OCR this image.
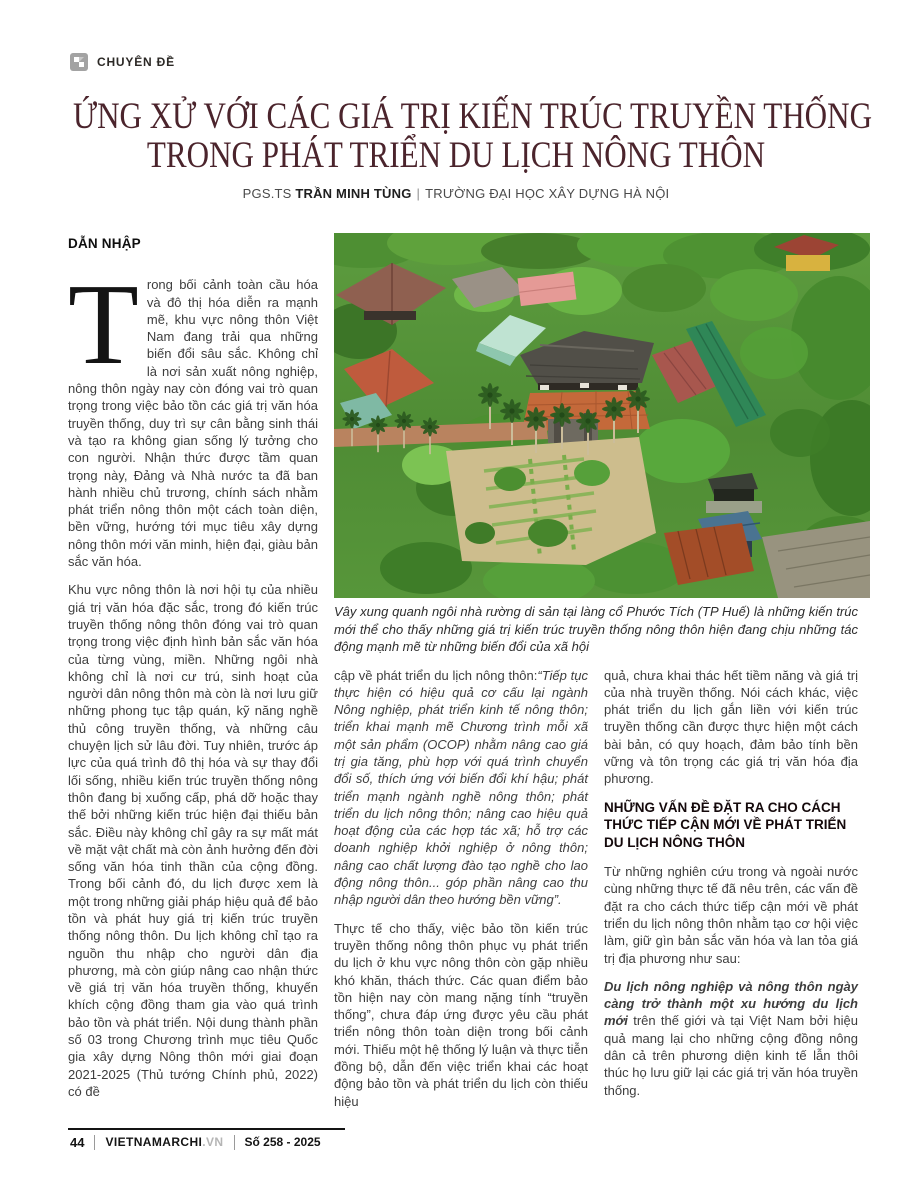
CHUYÊN ĐỀ
ỨNG XỬ VỚI CÁC GIÁ TRỊ KIẾN TRÚC TRUYỀN THỐNG
TRONG PHÁT TRIỂN DU LỊCH NÔNG THÔN
PGS.TS TRẦN MINH TÙNG | TRƯỜNG ĐẠI HỌC XÂY DỰNG HÀ NỘI
DẪN NHẬP

Trong bối cảnh toàn cầu hóa và đô thị hóa diễn ra mạnh mẽ, khu vực nông thôn Việt Nam đang trải qua những biến đổi sâu sắc. Không chỉ là nơi sản xuất nông nghiệp, nông thôn ngày nay còn đóng vai trò quan trọng trong việc bảo tồn các giá trị văn hóa truyền thống, duy trì sự cân bằng sinh thái và tạo ra không gian sống lý tưởng cho con người. Nhận thức được tầm quan trọng này, Đảng và Nhà nước ta đã ban hành nhiều chủ trương, chính sách nhằm phát triển nông thôn một cách toàn diện, bền vững, hướng tới mục tiêu xây dựng nông thôn mới văn minh, hiện đại, giàu bản sắc văn hóa.

Khu vực nông thôn là nơi hội tụ của nhiều giá trị văn hóa đặc sắc, trong đó kiến trúc truyền thống nông thôn đóng vai trò quan trọng trong việc định hình bản sắc văn hóa của từng vùng, miền. Những ngôi nhà không chỉ là nơi cư trú, sinh hoạt của người dân nông thôn mà còn là nơi lưu giữ những phong tục tập quán, kỹ năng nghề thủ công truyền thống, và những câu chuyện lịch sử lâu đời. Tuy nhiên, trước áp lực của quá trình đô thị hóa và sự thay đổi lối sống, nhiều kiến trúc truyền thống nông thôn đang bị xuống cấp, phá dỡ hoặc thay thế bởi những kiến trúc hiện đại thiếu bản sắc. Điều này không chỉ gây ra sự mất mát về mặt vật chất mà còn ảnh hưởng đến đời sống văn hóa tinh thần của cộng đồng. Trong bối cảnh đó, du lịch được xem là một trong những giải pháp hiệu quả để bảo tồn và phát huy giá trị kiến trúc truyền thống nông thôn. Du lịch không chỉ tạo ra nguồn thu nhập cho người dân địa phương, mà còn giúp nâng cao nhận thức về giá trị văn hóa truyền thống, khuyến khích cộng đồng tham gia vào quá trình bảo tồn và phát triển. Nội dung thành phần số 03 trong Chương trình mục tiêu Quốc gia xây dựng Nông thôn mới giai đoạn 2021-2025 (Thủ tướng Chính phủ, 2022) có đề

Vây xung quanh ngôi nhà rường di sản tại làng cổ Phước Tích (TP Huế) là những kiến trúc mới thể cho thấy những giá trị kiến trúc truyền thống nông thôn hiện đang chịu những tác động mạnh mẽ từ những biến đổi của xã hội

cập về phát triển du lịch nông thôn:“Tiếp tục thực hiện có hiệu quả cơ cấu lại ngành Nông nghiệp, phát triển kinh tế nông thôn; triển khai mạnh mẽ Chương trình mỗi xã một sản phẩm (OCOP) nhằm nâng cao giá trị gia tăng, phù hợp với quá trình chuyển đổi số, thích ứng với biến đổi khí hậu; phát triển mạnh ngành nghề nông thôn; phát triển du lịch nông thôn; nâng cao hiệu quả hoạt động của các hợp tác xã; hỗ trợ các doanh nghiệp khởi nghiệp ở nông thôn; nâng cao chất lượng đào tạo nghề cho lao động nông thôn... góp phần nâng cao thu nhập người dân theo hướng bền vững”.

Thực tế cho thấy, việc bảo tồn kiến trúc truyền thống nông thôn phục vụ phát triển du lịch ở khu vực nông thôn còn gặp nhiều khó khăn, thách thức. Các quan điểm bảo tồn hiện nay còn mang nặng tính “truyền thống”, chưa đáp ứng được yêu cầu phát triển nông thôn toàn diện trong bối cảnh mới. Thiếu một hệ thống lý luận và thực tiễn đồng bộ, dẫn đến việc triển khai các hoạt động bảo tồn và phát triển du lịch còn thiếu hiệu

quả, chưa khai thác hết tiềm năng và giá trị của nhà truyền thống. Nói cách khác, việc phát triển du lịch gắn liền với kiến trúc truyền thống cần được thực hiện một cách bài bản, có quy hoạch, đảm bảo tính bền vững và tôn trọng các giá trị văn hóa địa phương.

NHỮNG VẤN ĐỀ ĐẶT RA CHO CÁCH THỨC TIẾP CẬN MỚI VỀ PHÁT TRIỂN DU LỊCH NÔNG THÔN

Từ những nghiên cứu trong và ngoài nước cùng những thực tế đã nêu trên, các vấn đề đặt ra cho cách thức tiếp cận mới về phát triển du lịch nông thôn nhằm tạo cơ hội việc làm, giữ gìn bản sắc văn hóa và lan tỏa giá trị địa phương như sau:

Du lịch nông nghiệp và nông thôn ngày càng trở thành một xu hướng du lịch mới trên thế giới và tại Việt Nam bởi hiệu quả mang lại cho những cộng đồng nông dân cả trên phương diện kinh tế lẫn thôi thúc họ lưu giữ lại các giá trị văn hóa truyền thống.

44	VIETNAMARCHI .VN	Số 258 - 2025
